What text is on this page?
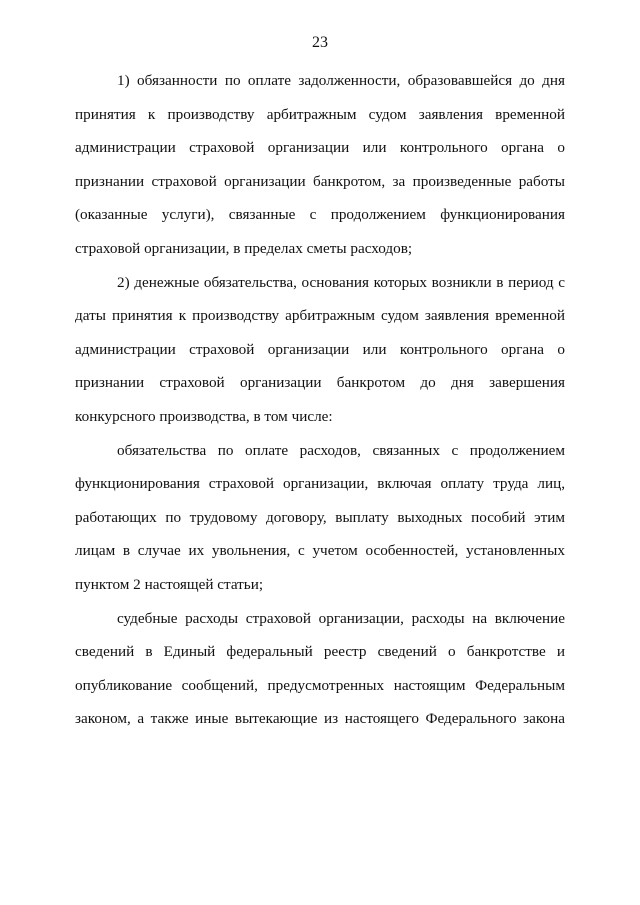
23
1) обязанности по оплате задолженности, образовавшейся до дня
принятия к производству арбитражным судом заявления временной
администрации страховой организации или контрольного органа о
признании страховой организации банкротом, за произведенные работы
(оказанные услуги), связанные с продолжением функционирования
страховой организации, в пределах сметы расходов;
2) денежные обязательства, основания которых возникли в период с
даты принятия к производству арбитражным судом заявления временной
администрации страховой организации или контрольного органа о
признании страховой организации банкротом до дня завершения
конкурсного производства, в том числе:
обязательства по оплате расходов, связанных с продолжением
функционирования страховой организации, включая оплату труда лиц,
работающих по трудовому договору, выплату выходных пособий этим
лицам в случае их увольнения, с учетом особенностей, установленных
пунктом 2 настоящей статьи;
судебные расходы страховой организации, расходы на включение
сведений в Единый федеральный реестр сведений о банкротстве и
опубликование сообщений, предусмотренных настоящим Федеральным
законом, а также иные вытекающие из настоящего Федерального закона
